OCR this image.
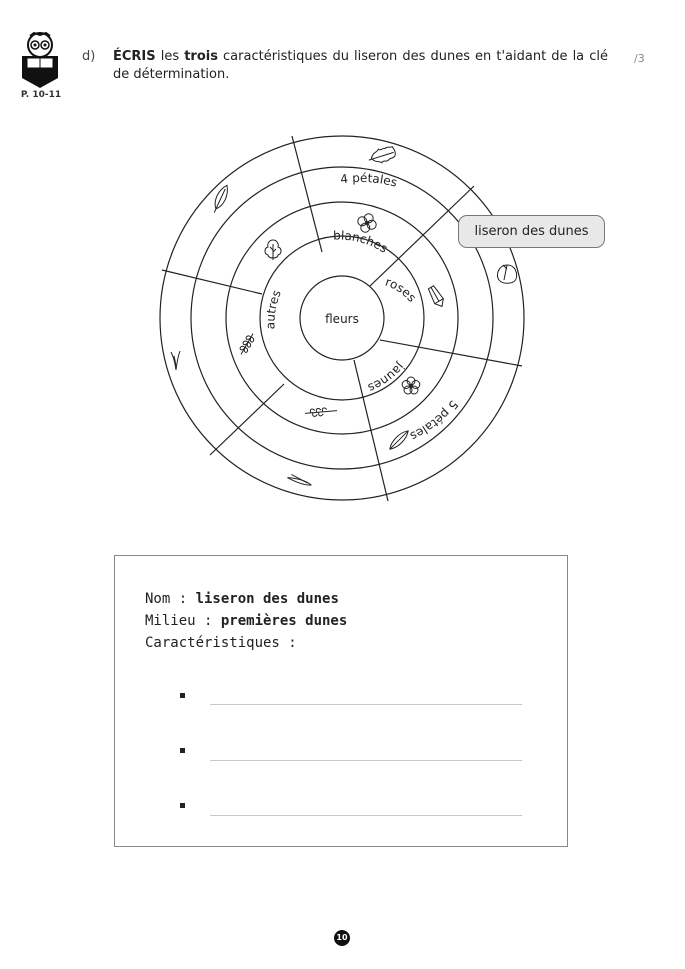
P. 10-11
d) ÉCRIS les trois caractéristiques du liseron des dunes en t'aidant de la clé de détermination.
/3
fleurs
blanches
4 pétales
roses
jaunes
5 pétales
autres
liseron des dunes
Nom : liseron des dunes
Milieu : premières dunes
Caractéristiques :
10
